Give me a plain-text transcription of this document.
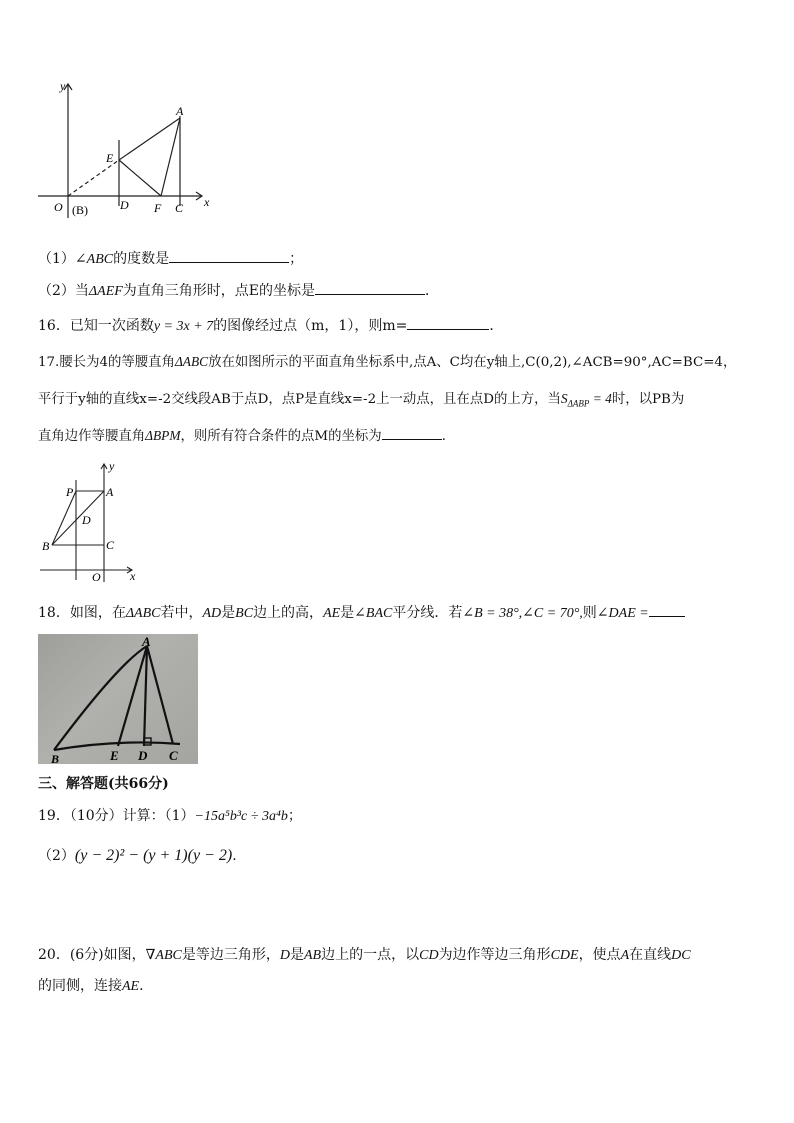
y
x
A
E
O (B)	D F C
（1）∠ABC的度数是	；
（2）当ΔAEF为直角三角形时，点E的坐标是	．
16．已知一次函数y = 3x + 7的图像经过点（m，1），则m=	．
17.腰长为4的等腰直角ΔABC放在如图所示的平面直角坐标系中,点A、C均在y轴上,C(0,2),∠ACB=90°,AC=BC=4，
平行于y轴的直线x=-2交线段AB于点D，点P是直线x=-2上一动点，且在点D的上方，当$S_{\Delta ABP} = 4$时，以PB为
直角边作等腰直角ΔBPM，则所有符合条件的点M的坐标为	．
x
y
P	A
D
B	C
O
18．如图，在ΔABC若中，AD是BC边上的高，AE是∠BAC平分线．若∠B = 38°,∠C = 70°,则∠DAE =
A
B	E D C
三、解答题(共66分)
19．（10分）计算：（1）−15a⁵b³c ÷ 3a⁴b；
（2）(y − 2)² − (y + 1)(y − 2).
20．(6分)如图，∇ABC是等边三角形，D是AB边上的一点，以CD为边作等边三角形CDE，使点A在直线DC
的同侧，连接AE.
